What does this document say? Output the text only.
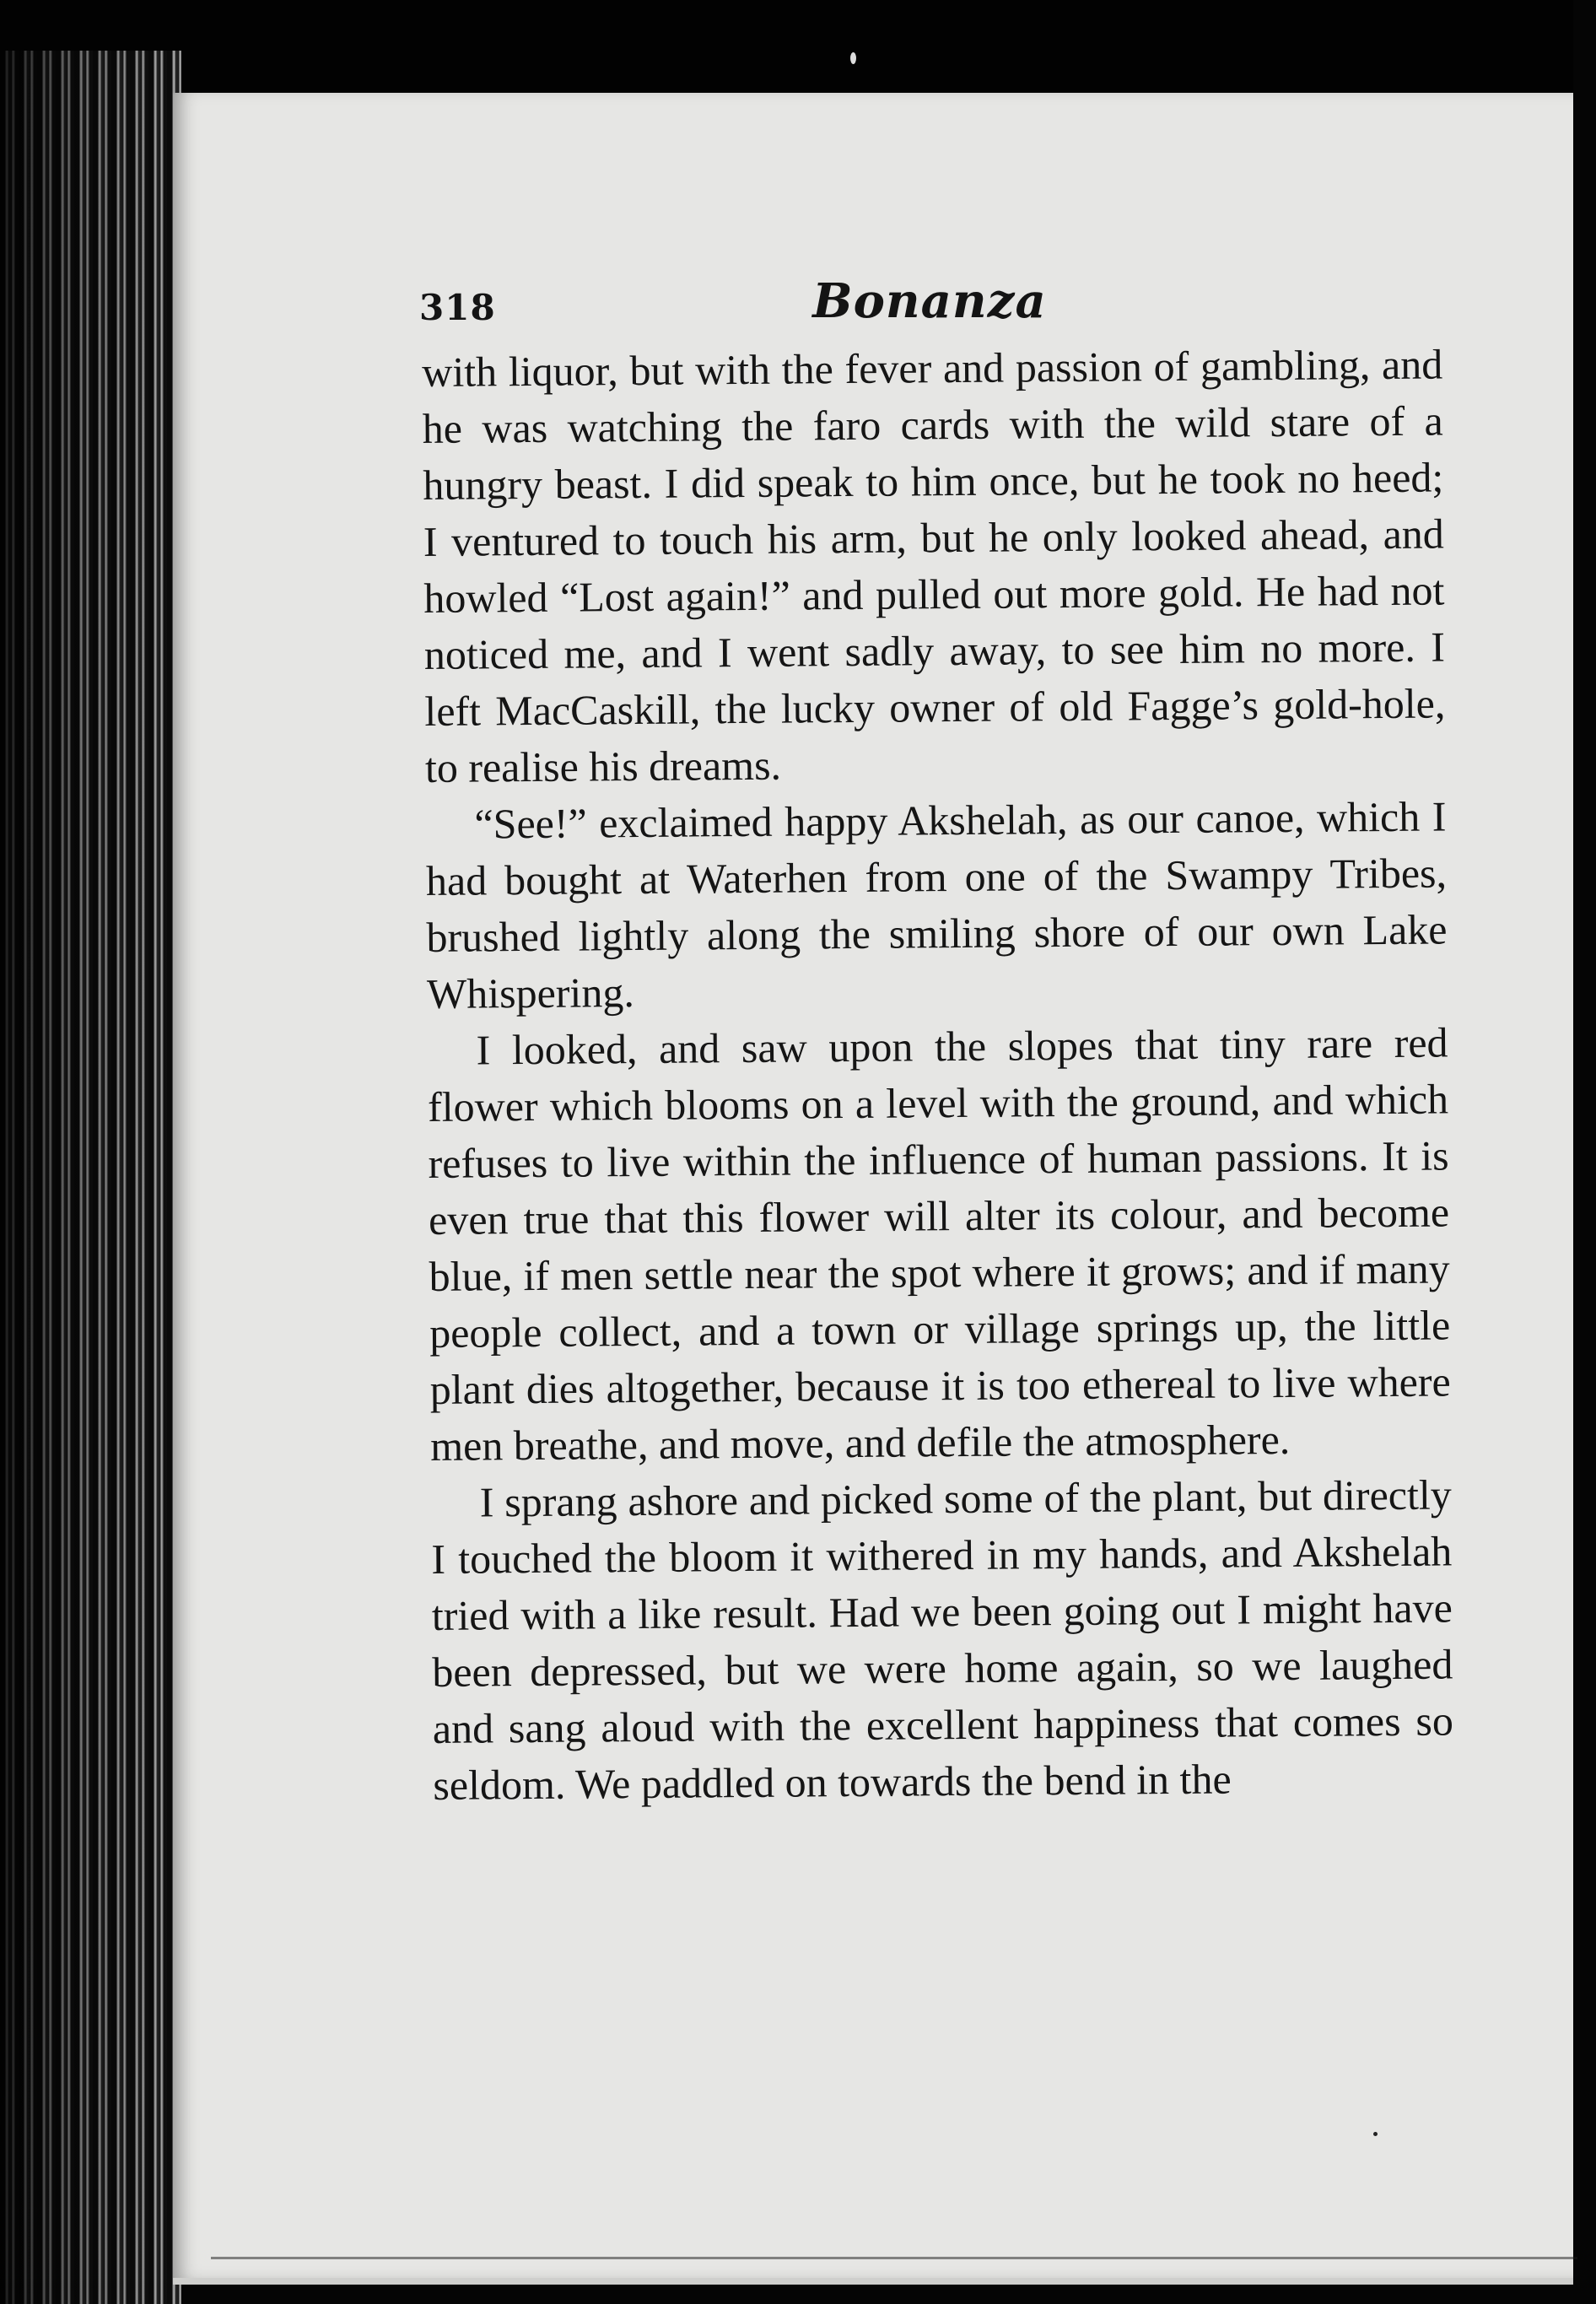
318	Bonanza

with liquor, but with the fever and passion of gambling, and he was watching the faro cards with the wild stare of a hungry beast. I did speak to him once, but he took no heed; I ventured to touch his arm, but he only looked ahead, and howled “Lost again!” and pulled out more gold. He had not noticed me, and I went sadly away, to see him no more. I left MacCaskill, the lucky owner of old Fagge’s gold-hole, to realise his dreams.

“See!” exclaimed happy Akshelah, as our canoe, which I had bought at Waterhen from one of the Swampy Tribes, brushed lightly along the smiling shore of our own Lake Whispering.

I looked, and saw upon the slopes that tiny rare red flower which blooms on a level with the ground, and which refuses to live within the influence of human passions. It is even true that this flower will alter its colour, and become blue, if men settle near the spot where it grows; and if many people collect, and a town or village springs up, the little plant dies altogether, because it is too ethereal to live where men breathe, and move, and defile the atmosphere.

I sprang ashore and picked some of the plant, but directly I touched the bloom it withered in my hands, and Akshelah tried with a like result. Had we been going out I might have been depressed, but we were home again, so we laughed and sang aloud with the excellent happiness that comes so seldom. We paddled on towards the bend in the
